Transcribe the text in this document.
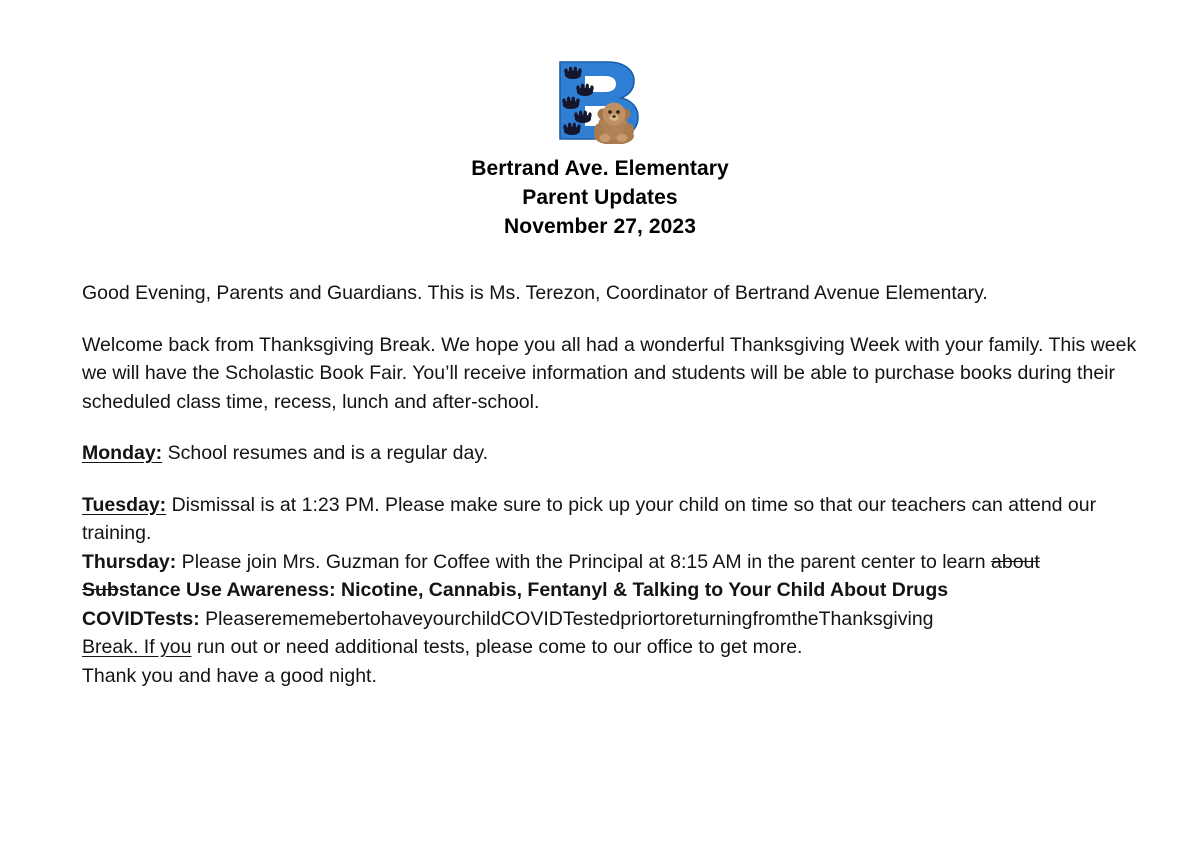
Bertrand Ave. Elementary
Parent Updates
November 27, 2023

Good Evening, Parents and Guardians. This is Ms. Terezon, Coordinator of Bertrand Avenue Elementary.

Welcome back from Thanksgiving Break. We hope you all had a wonderful Thanksgiving Week with your family. This week we will have the Scholastic Book Fair. You’ll receive information and students will be able to purchase books during their scheduled class time, recess, lunch and after-school.

Monday: School resumes and is a regular day.

Tuesday: Dismissal is at 1:23 PM. Please make sure to pick up your child on time so that our teachers can attend our training.

Thursday: Please join Mrs. Guzman for Coffee with the Principal at 8:15 AM in the parent center to learn about Substance Use Awareness: Nicotine, Cannabis, Fentanyl & Talking to Your Child About Drugs

COVIDTests: PleaserememebertohaveyourchildCOVIDTestedpriortoreturningfromtheThanksgiving

Break. If you run out or need additional tests, please come to our office to get more.

Thank you and have a good night.
